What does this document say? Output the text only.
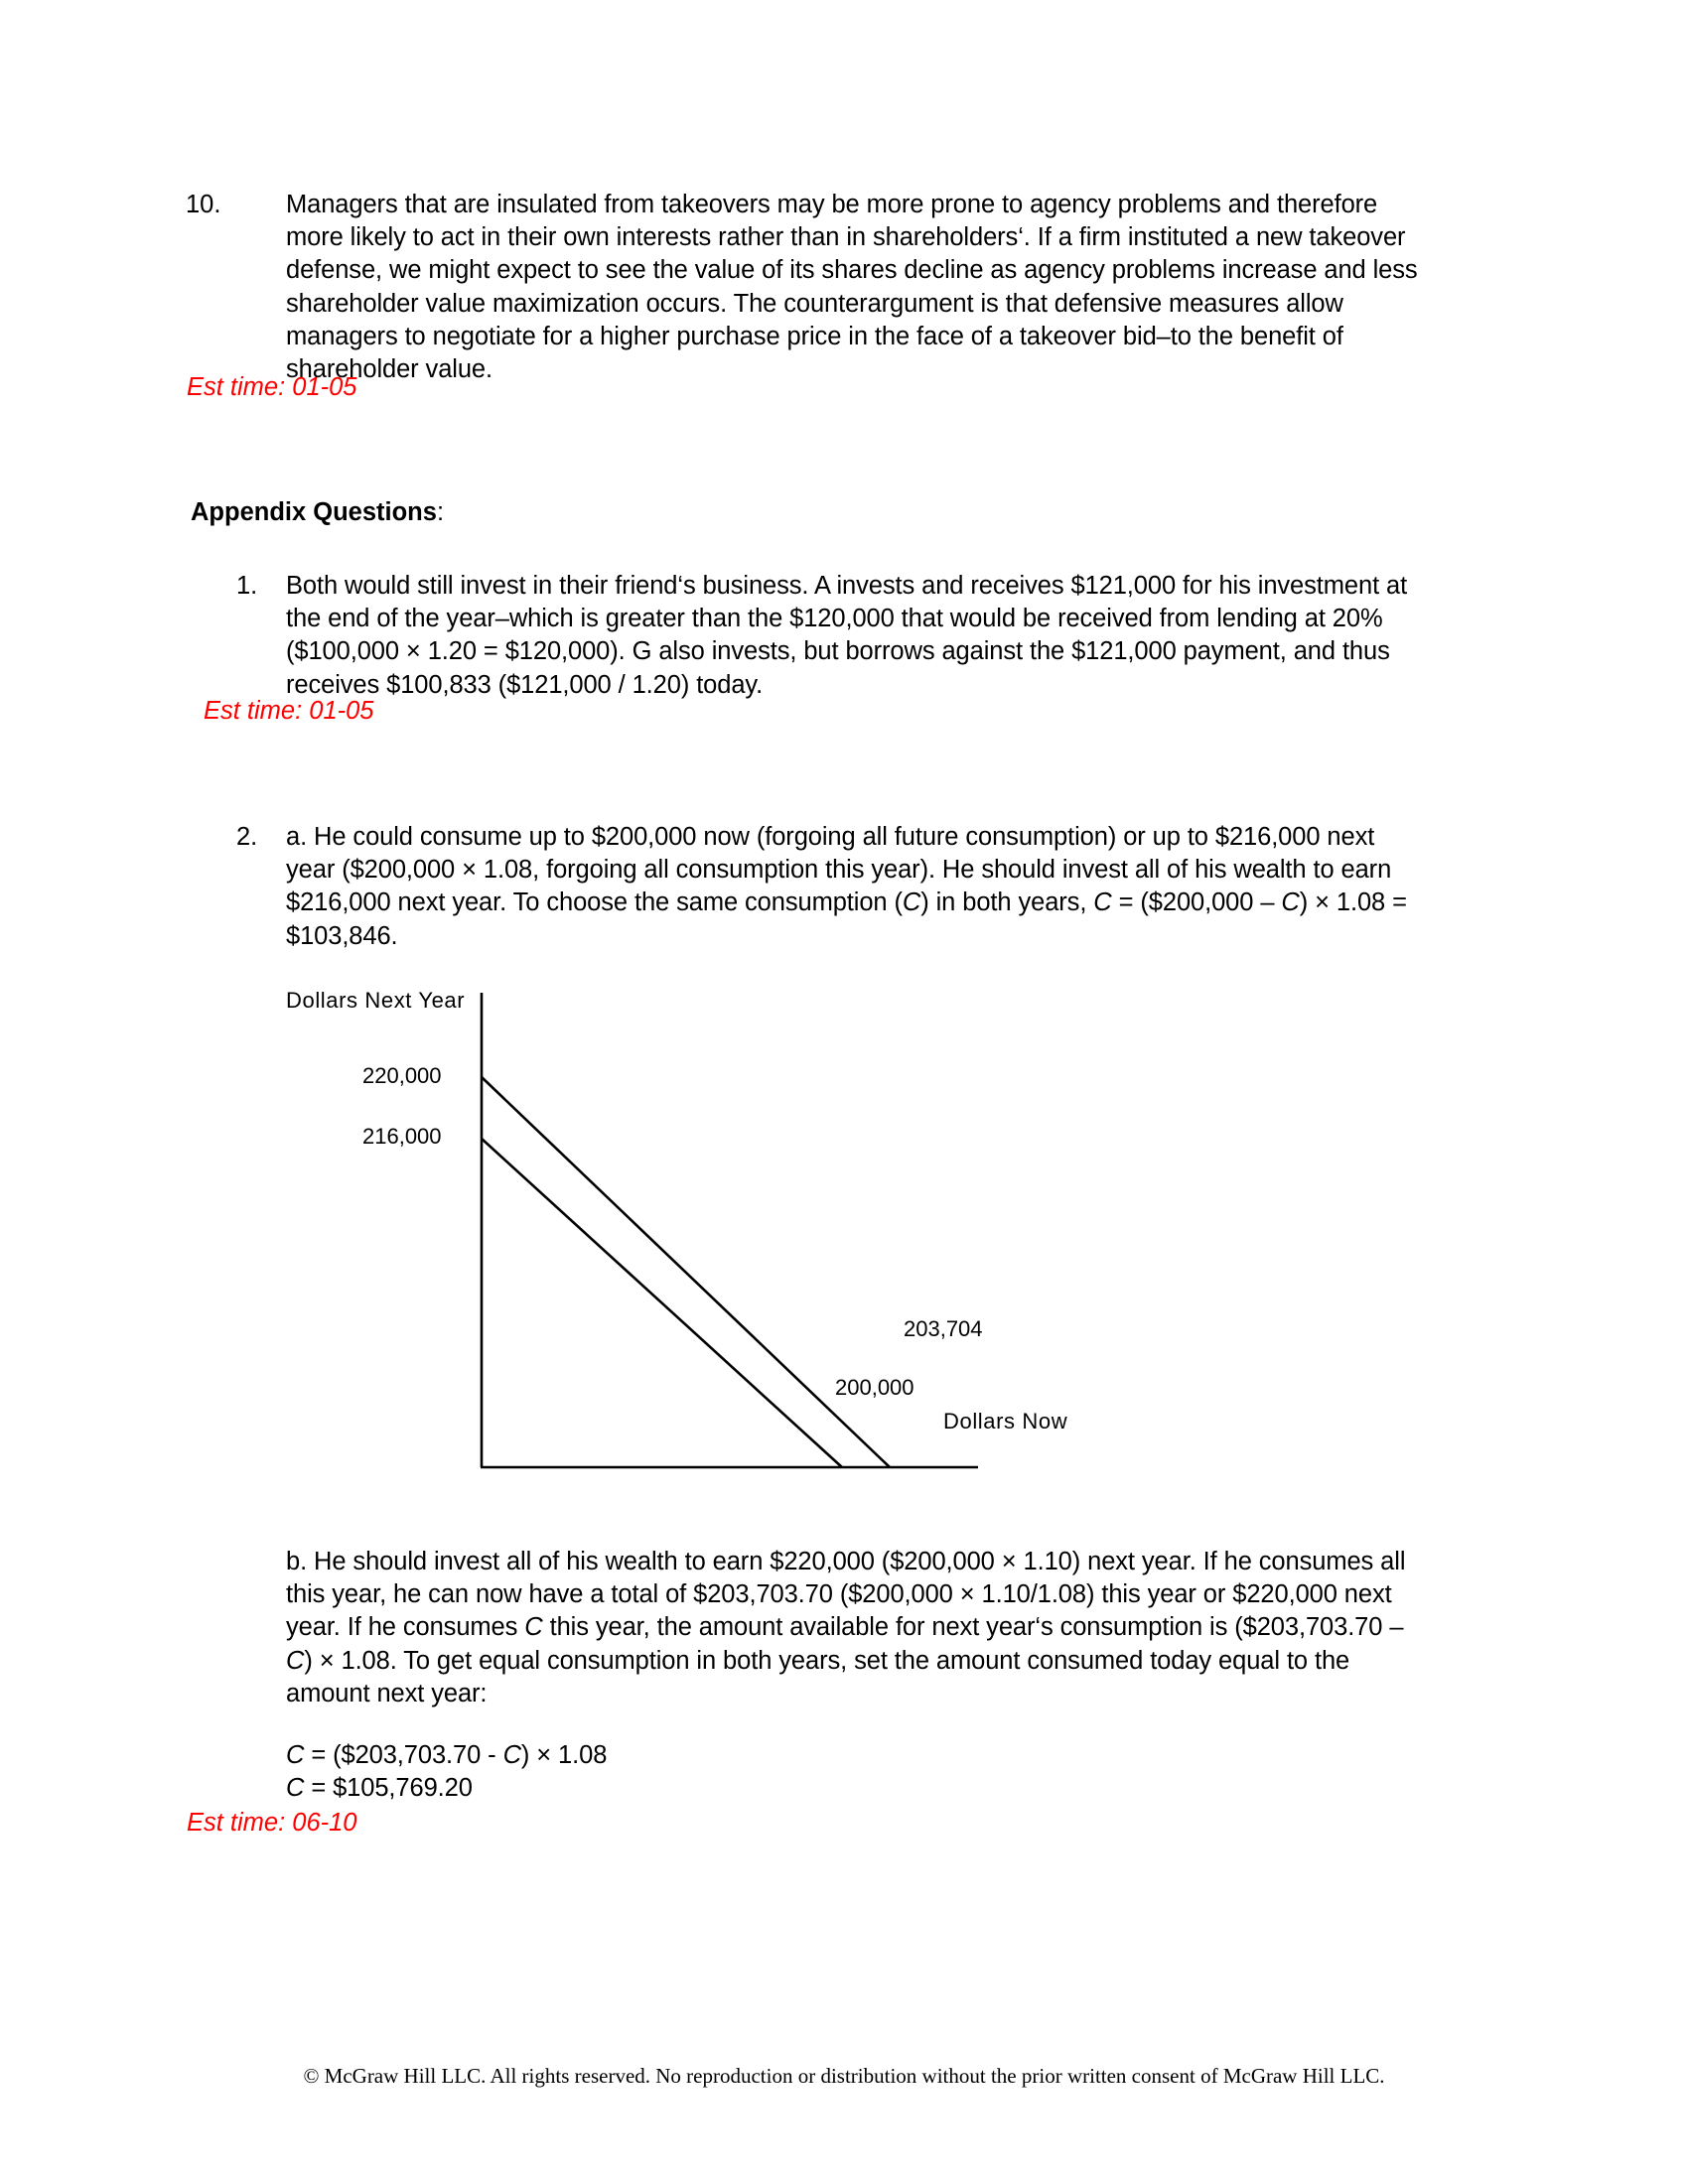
10.	Managers that are insulated from takeovers may be more prone to agency problems and therefore more likely to act in their own interests rather than in shareholders‘. If a firm instituted a new takeover defense, we might expect to see the value of its shares decline as agency problems increase and less shareholder value maximization occurs. The counterargument is that defensive measures allow managers to negotiate for a higher purchase price in the face of a takeover bid–to the benefit of shareholder value.
Est time: 01-05
Appendix Questions:
1. Both would still invest in their friend‘s business. A invests and receives $121,000 for his investment at the end of the year–which is greater than the $120,000 that would be received from lending at 20% ($100,000 × 1.20 = $120,000). G also invests, but borrows against the $121,000 payment, and thus receives $100,833 ($121,000 / 1.20) today.
Est time: 01-05
2. a. He could consume up to $200,000 now (forgoing all future consumption) or up to $216,000 next year ($200,000 × 1.08, forgoing all consumption this year). He should invest all of his wealth to earn $216,000 next year. To choose the same consumption (C) in both years, C = ($200,000 – C) × 1.08 = $103,846.
Dollars Next Year
220,000
216,000
203,704
200,000
Dollars Now
b. He should invest all of his wealth to earn $220,000 ($200,000 × 1.10) next year. If he consumes all this year, he can now have a total of $203,703.70 ($200,000 × 1.10/1.08) this year or $220,000 next year. If he consumes C this year, the amount available for next year‘s consumption is ($203,703.70 – C) × 1.08. To get equal consumption in both years, set the amount consumed today equal to the amount next year:
C = ($203,703.70 - C) × 1.08
C = $105,769.20
Est time: 06-10
© McGraw Hill LLC. All rights reserved. No reproduction or distribution without the prior written consent of McGraw Hill LLC.
